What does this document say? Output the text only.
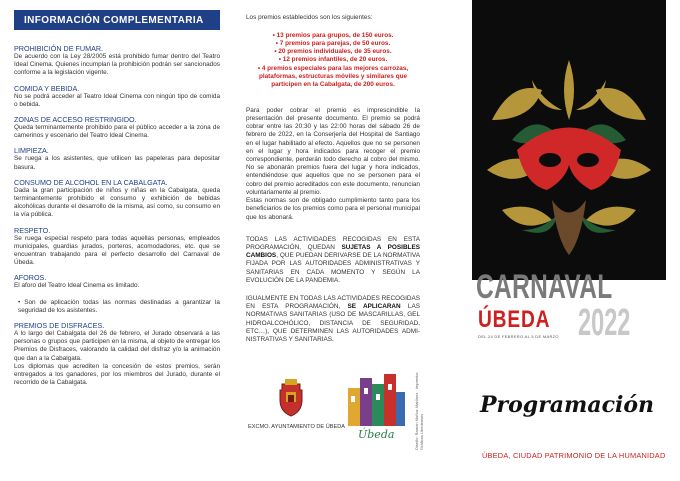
INFORMACIÓN COMPLEMENTARIA
PROHIBICIÓN DE FUMAR.

De acuerdo con la Ley 28/2005 está prohibido fumar dentro del Teatro Ideal Cinema. Quienes incumplan la prohibición podrán ser sancionados conforme a la legislación vigente.

COMIDA Y BEBIDA.

No se podrá acceder al Teatro Ideal Cinema con ningún tipo de comida o bebida.

ZONAS DE ACCESO RESTRINGIDO.

Queda terminantemente prohibido para el público acceder a la zona de camerinos y escenario del Teatro Ideal Cinema.

LIMPIEZA.

Se ruega a los asistentes, que utilicen las papeleras para depositar basura.

CONSUMO DE ALCOHOL EN LA CABALGATA.

Dada la gran participación de niños y niñas en la Cabalgata, queda terminantemente prohibido el consumo y exhibición de bebidas alcohólicas durante el desarrollo de la misma, así como, su consumo en la vía pública.

RESPETO.

Se ruega especial respeto para todas aquellas personas, empleados municipales, guardias jurados, porteros, acomodadores, etc. que se encuentran trabajando para el perfecto desarrollo del Carnaval de Úbeda.

AFOROS.

El aforo del Teatro Ideal Cinema es limitado.

• Son de aplicación todas las normas destinadas a garantizar la seguridad de los asistentes.

PREMIOS DE DISFRACES.

A lo largo del Cabalgata del 26 de febrero, el Jurado observará a las personas o grupos que participen en la misma, al objeto de entregar los Premios de Disfraces, valorando la calidad del disfraz y/o la animación que dan a la Cabalgata.

Los diplomas que acrediten la concesión de estos premios, serán entregados a los ganadores, por los miembros del Jurado, durante el recorrido de la Cabalgata.

Los premios establecidos son los siguientes:

• 13 premios para grupos, de 150 euros.
• 7 premios para parejas, de 50 euros.
• 20 premios individuales, de 35 euros.
• 12 premios infantiles, de 20 euros.
• 4 premios especiales para las mejores carrozas, plataformas, estructuras móviles y similares que participen en la Cabalgata, de 200 euros.

Para poder cobrar el premio es imprescindible la presentación del presente documento. El premio se podrá cobrar entre las 20:30 y las 22:00 horas del sábado 26 de febrero de 2022, en la Conserjería del Hospital de Santiago en el lugar habilitado al efecto. Aquellos que no se personen en el lugar y hora indicados para recoger el premio correspondiente, perderán todo derecho al cobro del mismo. No se abonarán premios fuera del lugar y hora indicados, entendiéndose que aquellos que no se personen para el cobro del premio acreditados con este documento, renuncian voluntariamente al premio.

Estas normas son de obligado cumplimiento tanto para los beneficiarios de los premios como para el personal municipal que los abonará.

TODAS LAS ACTIVIDADES RECOGIDAS EN ESTA PROGRAMACIÓN, QUEDAN SUJETAS A POSIBLES CAMBIOS, QUE PUEDAN DERIVARSE DE LA NORMATIVA FIJADA POR LAS AUTORIDADES ADMINISTRATIVAS Y SANITARIAS EN CADA MOMENTO Y SEGÚN LA EVOLUCIÓN DE LA PANDEMIA.

IGUALMENTE EN TODAS LAS ACTIVIDADES RECOGIDAS EN ESTA PROGRAMACIÓN, SE APLICARAN LAS NORMATIVAS SANITARIAS (USO DE MASCARILLAS, GEL HIDROALCOHÓLICO, DISTANCIA DE SEGURIDAD, ETC…), QUE DETERMINEN LAS AUTORIDADES ADMI-NISTRATIVAS Y SANITARIAS.

EXCMO. AYUNTAMIENTO DE ÚBEDA
Úbeda	Diseño: Ramón Muñoz Martínez · Imprenta: Gráficas Ubedenses
CARNAVAL
ÚBEDA 2022
DEL 24 DE FEBRERO AL 5 DE MARZO
Programación
ÚBEDA, CIUDAD PATRIMONIO DE LA HUMANIDAD
